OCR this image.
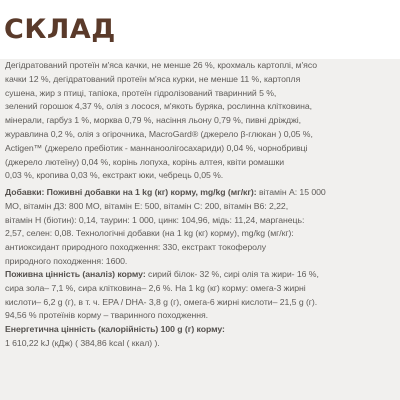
СКЛАД
Дегідратований протеїн м'яса качки, не менше 26 %, крохмаль картоплі, м'ясо
качки 12 %, дегідратований протеїн м'яса курки, не менше 11 %, картопля
сушена, жир з птиці, тапіока, протеїн гідролізований тваринний 5 %,
зелений горошок 4,37 %, олія з лосося, м'якоть буряка, рослинна клітковина,
мінерали, гарбуз 1 %, морква 0,79 %, насіння льону 0,79 %, пивні дріжджі,
журавлина 0,2 %, олія з огірочника, MacroGard® (джерело β-глюкан ) 0,05 %,
Actigen™ (джерело пребіотик - маннаноолігосахариди) 0,04 %, чорнобривці
(джерело лютеїну) 0,04 %, корінь лопуха, корінь алтея, квіти ромашки
0,03 %, кропива 0,03 %, екстракт юки, чебрець 0,05 %.
Добавки: Поживні добавки на 1 kg (кг) корму, mg/kg (мг/кг): вітамін А: 15 000
МО, вітамін Д3: 800 МО, вітамін Е: 500, вітамін С: 200, вітамін В6: 2,22,
вітамін Н (біотин): 0,14, таурин: 1 000, цинк: 104,96, мідь: 11,24, марганець:
2,57, селен: 0,08. Технологічні добавки (на 1 kg (кг) корму), mg/kg (мг/кг):
антиоксидант природного походження: 330, екстракт токоферолу
природного походження: 1600.
Поживна цінність (аналіз) корму: сирий білок- 32 %, сирі олія та жири- 16 %,
сира зола– 7,1 %, сира клітковина– 2,6 %. На 1 kg (кг) корму: омега-3 жирні
кислоти– 6,2 g (г), в т. ч. EPA / DHA- 3,8 g (г), омега-6 жирні кислоти– 21,5 g (г).
94,56 % протеїнів корму – тваринного походження.
Енергетична цінність (калорійність) 100 g (г) корму:
1 610,22 kJ (кДж) ( 384,86 kcal ( ккал) ).
